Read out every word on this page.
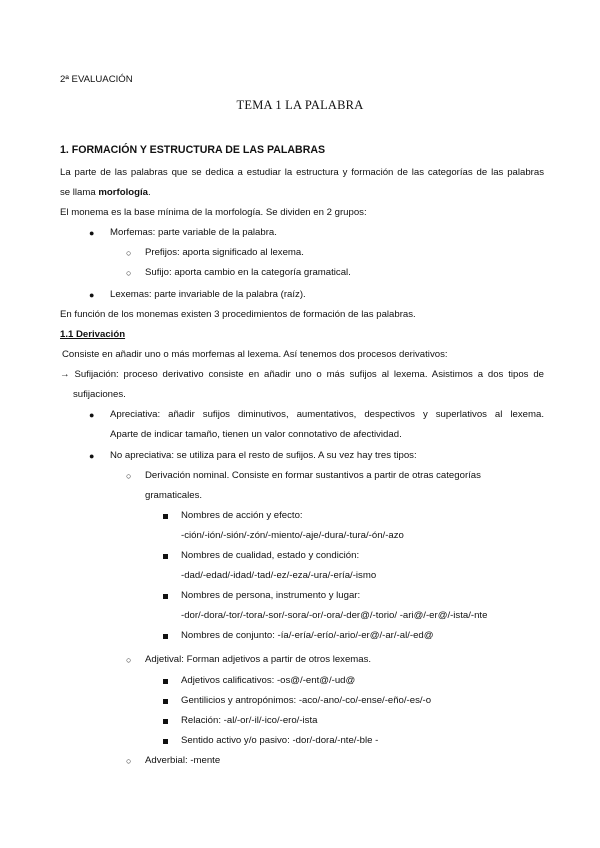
2ª EVALUACIÓN
TEMA 1 LA PALABRA
1. FORMACIÓN Y ESTRUCTURA DE LAS PALABRAS
La parte de las palabras que se dedica a estudiar la estructura y formación de las categorías de las palabras
se llama morfología.
El monema es la base mínima de la morfología. Se dividen en 2 grupos:
● Morfemas: parte variable de la palabra.
○ Prefijos: aporta significado al lexema.
○ Sufijo: aporta cambio en la categoría gramatical.
● Lexemas: parte invariable de la palabra (raíz).
En función de los monemas existen 3 procedimientos de formación de las palabras.
1.1 Derivación
Consiste en añadir uno o más morfemas al lexema. Así tenemos dos procesos derivativos:
→ Sufijación: proceso derivativo consiste en añadir uno o más sufijos al lexema. Asistimos a dos tipos de
sufijaciones.
● Apreciativa: añadir sufijos diminutivos, aumentativos, despectivos y superlativos al lexema.
Aparte de indicar tamaño, tienen un valor connotativo de afectividad.
● No apreciativa: se utiliza para el resto de sufijos. A su vez hay tres tipos:
○ Derivación nominal. Consiste en formar sustantivos a partir de otras categorías
gramaticales.
Nombres de acción y efecto:
-ción/-ión/-sión/-zón/-miento/-aje/-dura/-tura/-ón/-azo
Nombres de cualidad, estado y condición:
-dad/-edad/-idad/-tad/-ez/-eza/-ura/-ería/-ismo
Nombres de persona, instrumento y lugar:
-dor/-dora/-tor/-tora/-sor/-sora/-or/-ora/-der@/-torio/ -ari@/-er@/-ista/-nte
Nombres de conjunto: -ía/-ería/-erío/-ario/-er@/-ar/-al/-ed@
○ Adjetival: Forman adjetivos a partir de otros lexemas.
Adjetivos calificativos: -os@/-ent@/-ud@
Gentilicios y antropónimos: -aco/-ano/-co/-ense/-eño/-es/-o
Relación: -al/-or/-il/-ico/-ero/-ista
Sentido activo y/o pasivo: -dor/-dora/-nte/-ble -
○ Adverbial: -mente
